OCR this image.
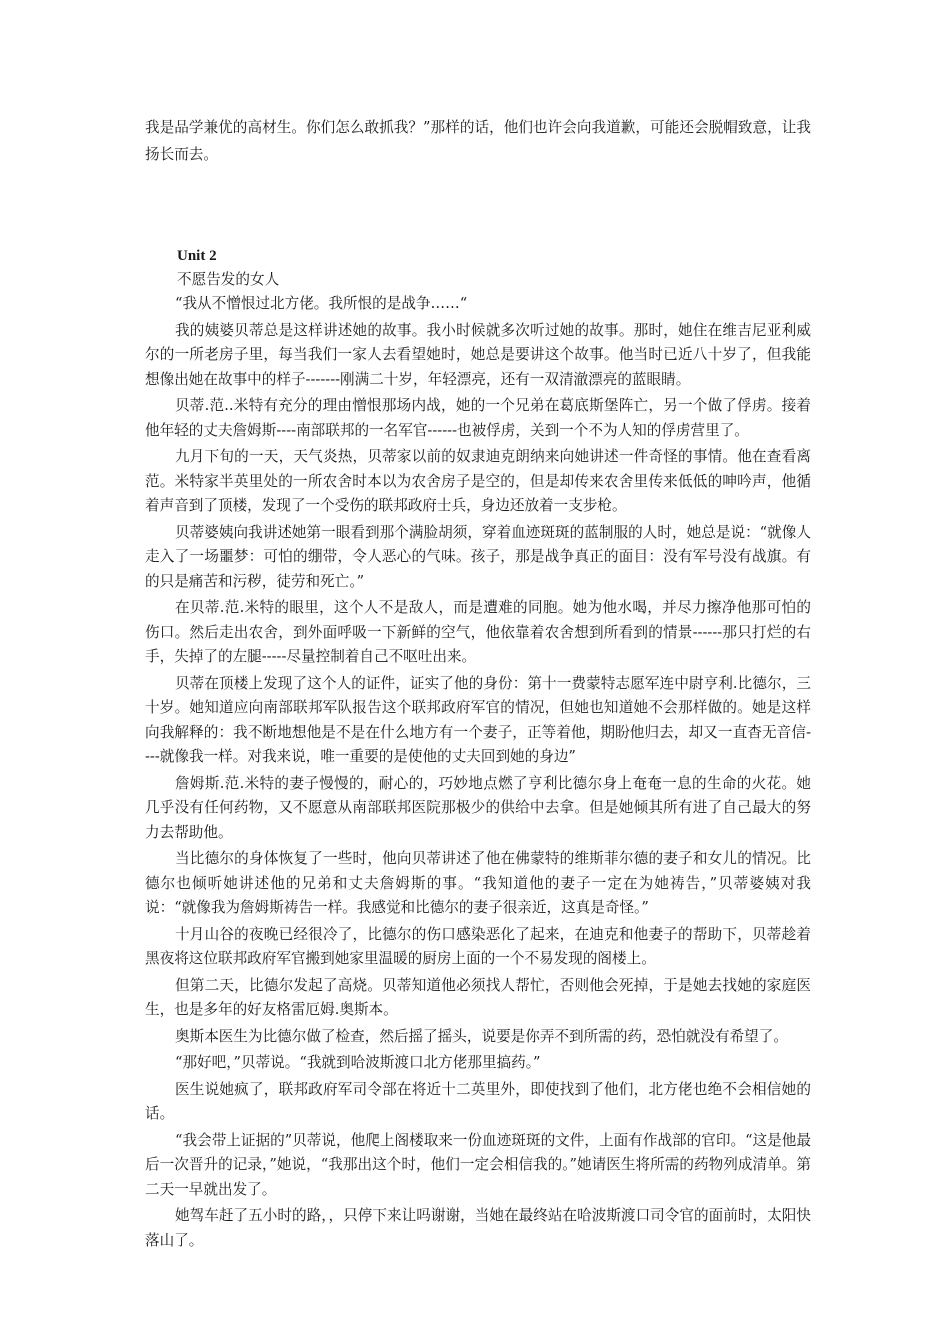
我是品学兼优的高材生。你们怎么敢抓我？”那样的话，他们也许会向我道歉，可能还会脱帽致意，让我扬长而去。

Unit 2
不愿告发的女人

“我从不憎恨过北方佬。我所恨的是战争……“

我的姨婆贝蒂总是这样讲述她的故事。我小时候就多次听过她的故事。那时，她住在维吉尼亚利威尔的一所老房子里，每当我们一家人去看望她时，她总是要讲这个故事。他当时已近八十岁了，但我能想像出她在故事中的样子-------刚满二十岁，年轻漂亮，还有一双清澈漂亮的蓝眼睛。

贝蒂.范..米特有充分的理由憎恨那场内战，她的一个兄弟在葛底斯堡阵亡，另一个做了俘虏。接着他年轻的丈夫詹姆斯----南部联邦的一名军官------也被俘虏，关到一个不为人知的俘虏营里了。

九月下旬的一天，天气炎热，贝蒂家以前的奴隶迪克朗纳来向她讲述一件奇怪的事情。他在查看离范。米特家半英里处的一所农舍时本以为农舍房子是空的，但是却传来农舍里传来低低的呻吟声，他循着声音到了顶楼，发现了一个受伤的联邦政府士兵，身边还放着一支步枪。

贝蒂婆姨向我讲述她第一眼看到那个满脸胡须，穿着血迹斑斑的蓝制服的人时，她总是说：“就像人走入了一场噩梦：可怕的绷带，令人恶心的气味。孩子，那是战争真正的面目：没有军号没有战旗。有的只是痛苦和污秽，徒劳和死亡。”

在贝蒂.范.米特的眼里，这个人不是敌人，而是遭难的同胞。她为他水喝，并尽力擦净他那可怕的伤口。然后走出农舍，到外面呼吸一下新鲜的空气，他依靠着农舍想到所看到的情景------那只打烂的右手，失掉了的左腿-----尽量控制着自己不呕吐出来。

贝蒂在顶楼上发现了这个人的证件，证实了他的身份：第十一费蒙特志愿军连中尉亨利.比德尔，三十岁。她知道应向南部联邦军队报告这个联邦政府军官的情况，但她也知道她不会那样做的。她是这样向我解释的：我不断地想他是不是在什么地方有一个妻子，正等着他，期盼他归去，却又一直杳无音信----就像我一样。对我来说，唯一重要的是使他的丈夫回到她的身边”

詹姆斯.范.米特的妻子慢慢的，耐心的，巧妙地点燃了亨利比德尔身上奄奄一息的生命的火花。她几乎没有任何药物，又不愿意从南部联邦医院那极少的供给中去拿。但是她倾其所有进了自己最大的努力去帮助他。

当比德尔的身体恢复了一些时，他向贝蒂讲述了他在佛蒙特的维斯菲尔德的妻子和女儿的情况。比德尔也倾听她讲述他的兄弟和丈夫詹姆斯的事。“我知道他的妻子一定在为她祷告，”贝蒂婆姨对我说：“就像我为詹姆斯祷告一样。我感觉和比德尔的妻子很亲近，这真是奇怪。”

十月山谷的夜晚已经很冷了，比德尔的伤口感染恶化了起来，在迪克和他妻子的帮助下，贝蒂趁着黑夜将这位联邦政府军官搬到她家里温暖的厨房上面的一个不易发现的阁楼上。

但第二天，比德尔发起了高烧。贝蒂知道他必须找人帮忙，否则他会死掉，于是她去找她的家庭医生，也是多年的好友格雷厄姆.奥斯本。

奥斯本医生为比德尔做了检查，然后摇了摇头，说要是你弄不到所需的药，恐怕就没有希望了。

“那好吧，”贝蒂说。“我就到哈波斯渡口北方佬那里搞药。”

医生说她疯了，联邦政府军司令部在将近十二英里外，即使找到了他们，北方佬也绝不会相信她的话。

“我会带上证据的”贝蒂说，他爬上阁楼取来一份血迹斑斑的文件，上面有作战部的官印。“这是他最后一次晋升的记录，”她说，“我那出这个时，他们一定会相信我的。”她请医生将所需的药物列成清单。第二天一早就出发了。

她驾车赶了五小时的路，，只停下来让吗谢谢，当她在最终站在哈波斯渡口司令官的面前时，太阳快落山了。
